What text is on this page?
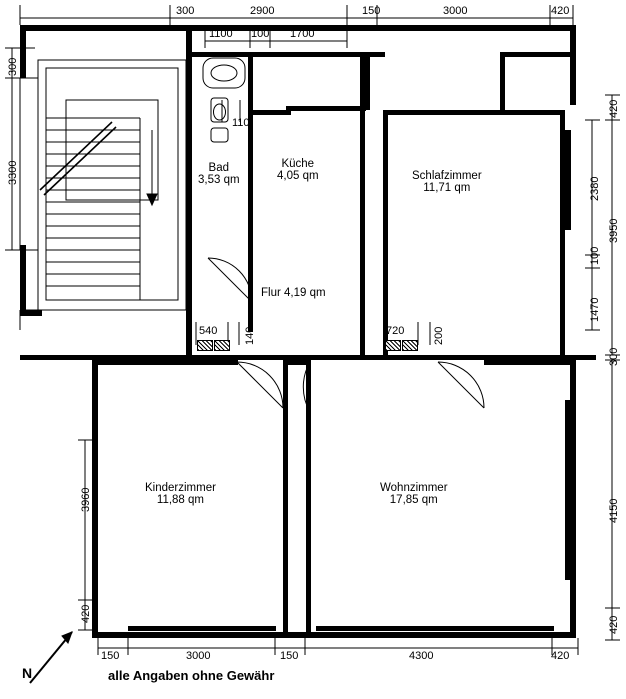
300	2900	150	3000	420
1100 100 1700
300
3300
3960
420
420
2380
3950
100
1470
300
4150
420
150	3000	150	4300	420
110
540 140	720	200
Bad
3,53 qm
Küche
4,05 qm	Schlafzimmer
11,71 qm
Flur 4,19 qm
Kinderzimmer
11,88 qm
Wohnzimmer
17,85 qm
N	alle Angaben ohne Gewähr
